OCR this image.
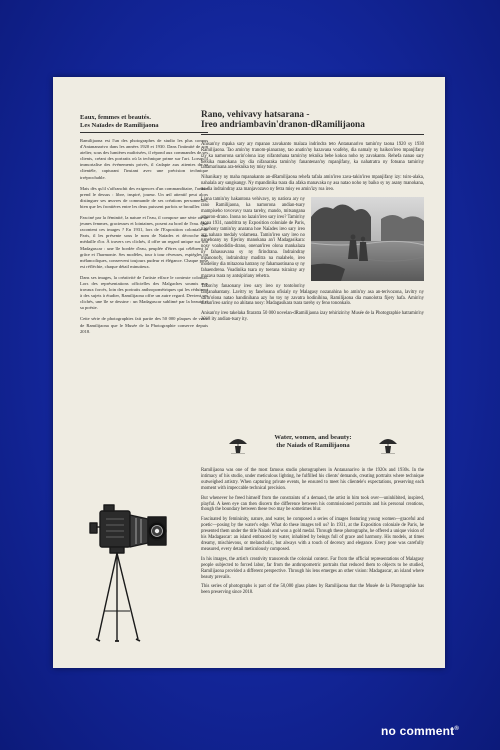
Eaux, femmes et beautés.
Les Naïades de Ramilijaona

Ramilijaona est l'un des photographes de studio les plus connus d'Antananarivo dans les années 1920 et 1930. Dans l'intimité de son atelier, sous des lumières maîtrisées, il répond aux commandes de ses clients, créant des portraits où la technique prime sur l'art. Lorsqu'il immortalise des événements privés, il s'adapte aux attentes de sa clientèle, capturant l'instant avec une précision technique irréprochable.

Mais dès qu'il s'affranchit des exigences d'un commanditaire, l'artiste prend le dessus : libre, inspiré, joueur. Un œil attentif peut alors distinguer ses œuvres de commande de ses créations personnelles, bien que les frontières entre les deux puissent parfois se brouiller.

Fasciné par la féminité, la nature et l'eau, il compose une série où de jeunes femmes, gracieuses et lointaines, posent au bord de l'eau. Que racontent ces images ? En 1931, lors de l'Exposition coloniale de Paris, il les présente sous le nom de Naïades et décroche une médaille d'or. À travers ces clichés, il offre un regard unique sur son Madagascar : une île bordée d'eau, peuplée d'êtres qui célèbrent la grâce et l'harmonie. Ses modèles, tour à tour rêveuses, espiègles ou mélancoliques, conservent toujours pudeur et élégance. Chaque pose est réfléchie, chaque détail minutieux.

Dans ses images, la créativité de l'artiste efface le contexte colonial. Lors des représentations officielles des Malgaches soumis aux travaux forcés, loin des portraits anthropométriques qui les réduisent à des sujets à étudier, Ramilijaona offre un autre regard. Devient ses clichés, une île se dessine : un Madagascar sublimé par la beauté et sa poésie.

Cette série de photographies fait partie des 50 000 plaques de verre de Ramilijaona que le Musée de la Photographie conserve depuis 2018.

Rano, vehivavy hatsarana -
Ireo andriambavin'dranon-dRamilijaona

Anisan'ny mpaka sary ary mpanao zavakanto malaza indrindra teto Antananarivo tamin'ny taona 1920 sy 1930 Ramilijaona. Tao amin'ny tranom-pianarany, tao anatin'ny hazavana voafehy, dia namaly ny baikon'ireo mpanjifany izy ka namorona sarin'olona izay nifantohana tamin'ny teknika bebe kokoa noho ny zavakanto. Rehefa nanao sary hetsika manokana izy dia nifanaraka tamin'ny fanantenan'ny mpanjifany, ka nahatratra ny fotoana tamin'ny fahamarinana ara-teknika tsy misy tsiny.

Nihanikary ny maha mpanakanto an-dRamilijaona rehefa tafala amin'ireo zava-takin'ireo mpanjifany izy: tsiro-alaka, nahalala ary sangisangy. Ny mpandinika tsara dia afaka manavaka ny asa natao noho ny baiko sy ny asany manokana, na dia indraindray aza manjavozavo ny fetra misy eo amin'izy roa ireo.

Liana tamin'ny hakantona vehivavy, ny natiora ary ny rano Ramilijaona, ka namorona andian-tsary mampiseho tovovavy tsara tarehy, mando, mitsangana amoron-drano. Inona no lazain'ireo sary ireo? Tamin'ny taona 1931, nandritra ny Exposition coloniale de Paris, nasehony tamin'ny anarana hoe Naïades ireo sary ireo ary nahazo medaly volamena. Tamin'ireo sary ireo no nanehoany ny fijeriny manokana an'i Madagasikara: nosy voahodidin-drano, onenan'ireo olona mankalaza ny fahasoavana sy ny firindrana. Indraindray mpanonofy, indraindray maditra na malahelo, ireo modeliny dia mitazona hatrany ny fahamaotinana sy ny fahaendrena. Voadinika tsara ny toerana tsirairay ary mazava tsara ny antsipiriany rehetra.

Takon'ny fanaonany ireo sary ireo ny tontolon'ny fanjanahantany. Lavitry ny fanehoana ofisialy ny Malagasy nozanahina ho amin'ny asa an-terivozona, lavitry ny sarin'olona natao handinihana azy ho toy ny zavatra hodinihina, Ramilijaona dia manolotra fijery hafa. Amin'ny alalan'ireo sariny no ahitana nosy: Madagasikara tsara tarehy sy feno tononkalo.

Anisan'ny ireo takelaka fitaratra 50 000 novelan-dRamilijaona izay tehirizin'ny Musée de la Photographie hatramin'ny 2018 ity andian-tsary ity.

Water, women, and beauty:
the Naiads of Ramilijaona

Ramilijaona was one of the most famous studio photographers in Antananarivo in the 1920s and 1930s. In the intimacy of his studio, under meticulous lighting, he fulfilled his clients' demands, creating portraits where technique outweighed artistry. When capturing private events, he ensured to meet his clientele's expectations, preserving each moment with impeccable technical precision.

But whenever he freed himself from the constraints of a demand, the artist in him took over—uninhibited, inspired, playful. A keen eye can then discern the difference between his commissioned portraits and his personal creations, though the boundary between these two may be sometimes blur.

Fascinated by femininity, nature, and water, he composed a series of images featuring young women—graceful and poetic—posing by the water's edge. What do these images tell us? In 1931, at the Exposition coloniale de Paris, he presented them under the title Naiads and won a gold medal. Through these photographs, he offered a unique vision of his Madagascar: an island embraced by water, inhabited by beings full of grace and harmony. His models, at times dreamy, mischievous, or melancholic, but always with a touch of decency and elegance. Every pose was carefully measured, every detail meticulously composed.

In his images, the artist's creativity transcends the colonial context. Far from the official representations of Malagasy people subjected to forced labor, far from the anthropometric portraits that reduced them to objects to be studied, Ramilijaona provided a different perspective. Through his lens emerges an other vision: Madagascar, an island where beauty prevails.

This series of photographs is part of the 50,000 glass plates by Ramilijaona that the Musée de la Photographie has been preserving since 2018.

no comment®
